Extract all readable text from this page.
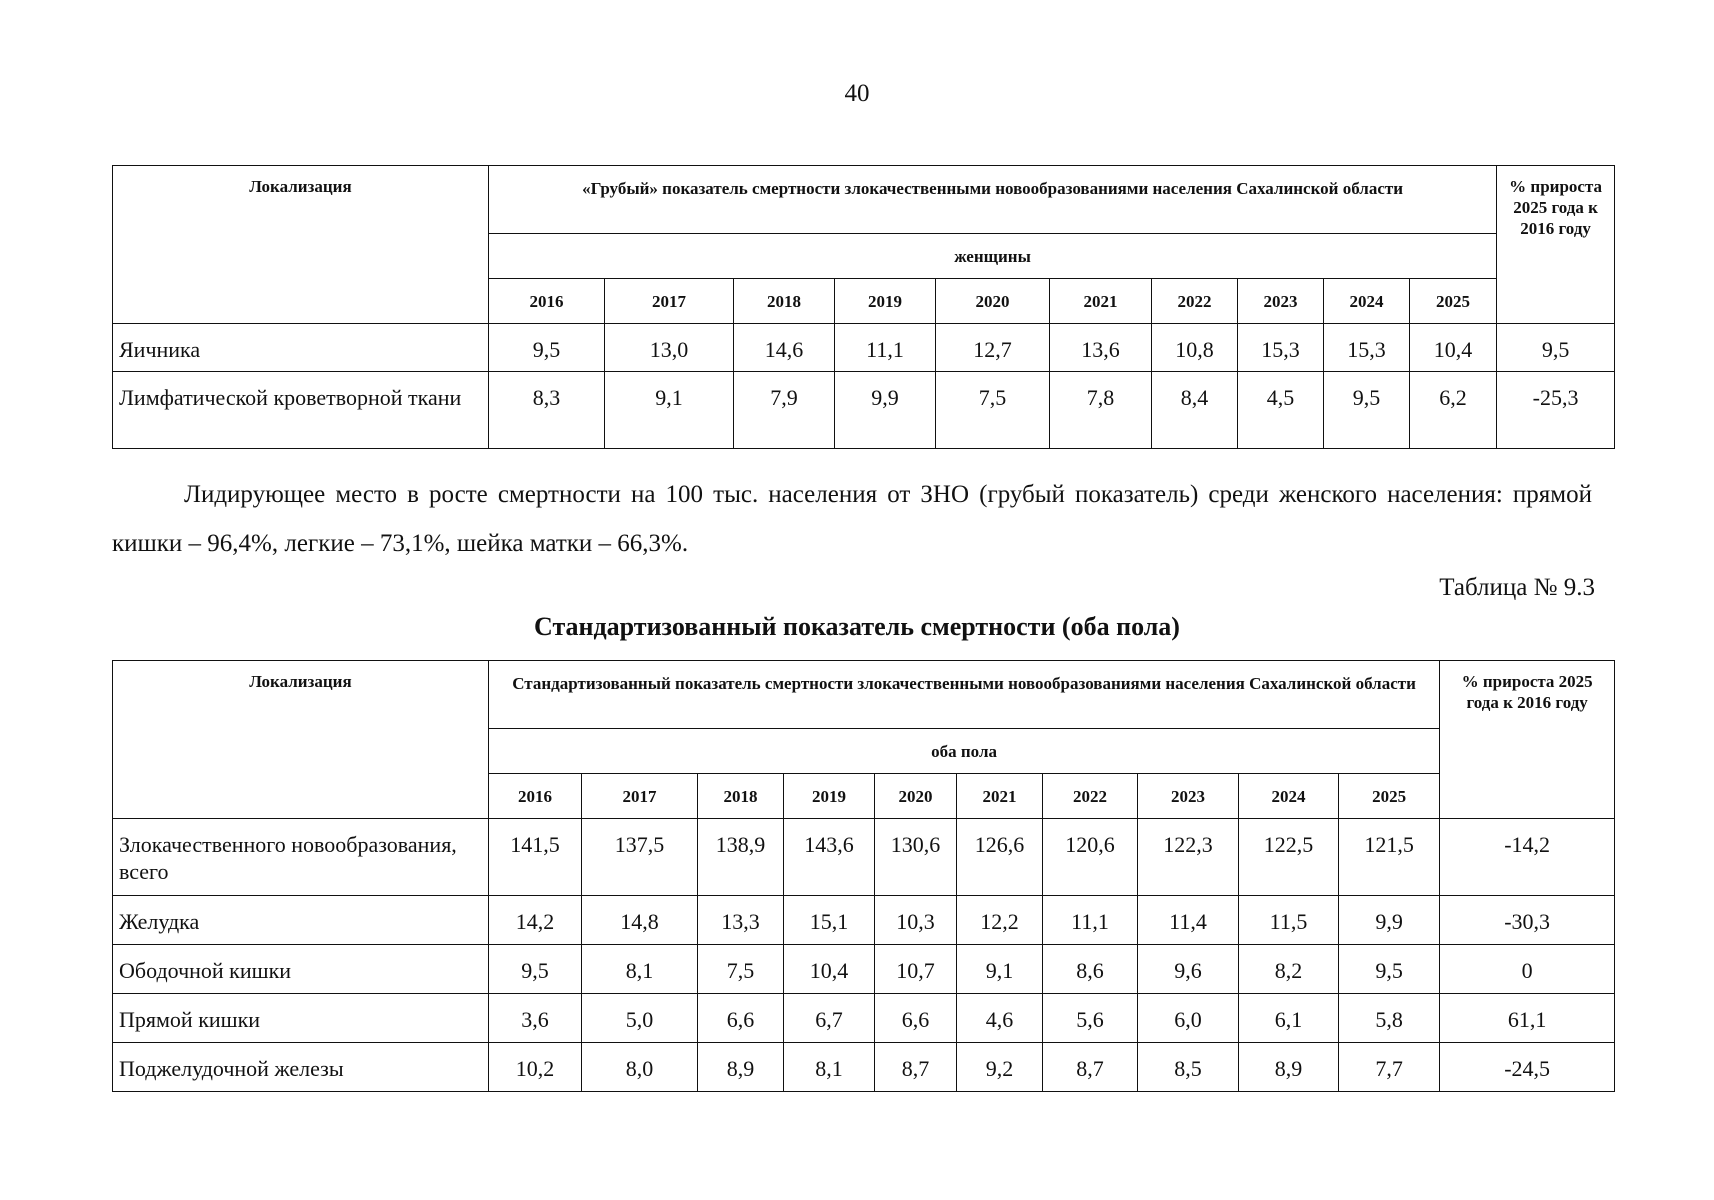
40
Локализация	«Грубый» показатель смертности злокачественными новообразованиями населения Сахалинской области										% прироста 2025 года к 2016 году
	женщины										
	2016	2017	2018	2019	2020	2021	2022	2023	2024	2025	
Яичника	9,5	13,0	14,6	11,1	12,7	13,6	10,8	15,3	15,3	10,4	9,5
Лимфатической кроветворной ткани	8,3	9,1	7,9	9,9	7,5	7,8	8,4	4,5	9,5	6,2	-25,3

Лидирующее место в росте смертности на 100 тыс. населения от ЗНО (грубый показатель) среди женского населения: прямой кишки – 96,4%, легкие – 73,1%, шейка матки – 66,3%.

Таблица № 9.3
Стандартизованный показатель смертности (оба пола)
Локализация	Стандартизованный показатель смертности злокачественными новообразованиями населения Сахалинской области										% прироста 2025 года к 2016 году
	оба пола										
	2016	2017	2018	2019	2020	2021	2022	2023	2024	2025	
Злокачественного новообразования, всего	141,5	137,5	138,9	143,6	130,6	126,6	120,6	122,3	122,5	121,5	-14,2
Желудка	14,2	14,8	13,3	15,1	10,3	12,2	11,1	11,4	11,5	9,9	-30,3
Ободочной кишки	9,5	8,1	7,5	10,4	10,7	9,1	8,6	9,6	8,2	9,5	0
Прямой кишки	3,6	5,0	6,6	6,7	6,6	4,6	5,6	6,0	6,1	5,8	61,1
Поджелудочной железы	10,2	8,0	8,9	8,1	8,7	9,2	8,7	8,5	8,9	7,7	-24,5
